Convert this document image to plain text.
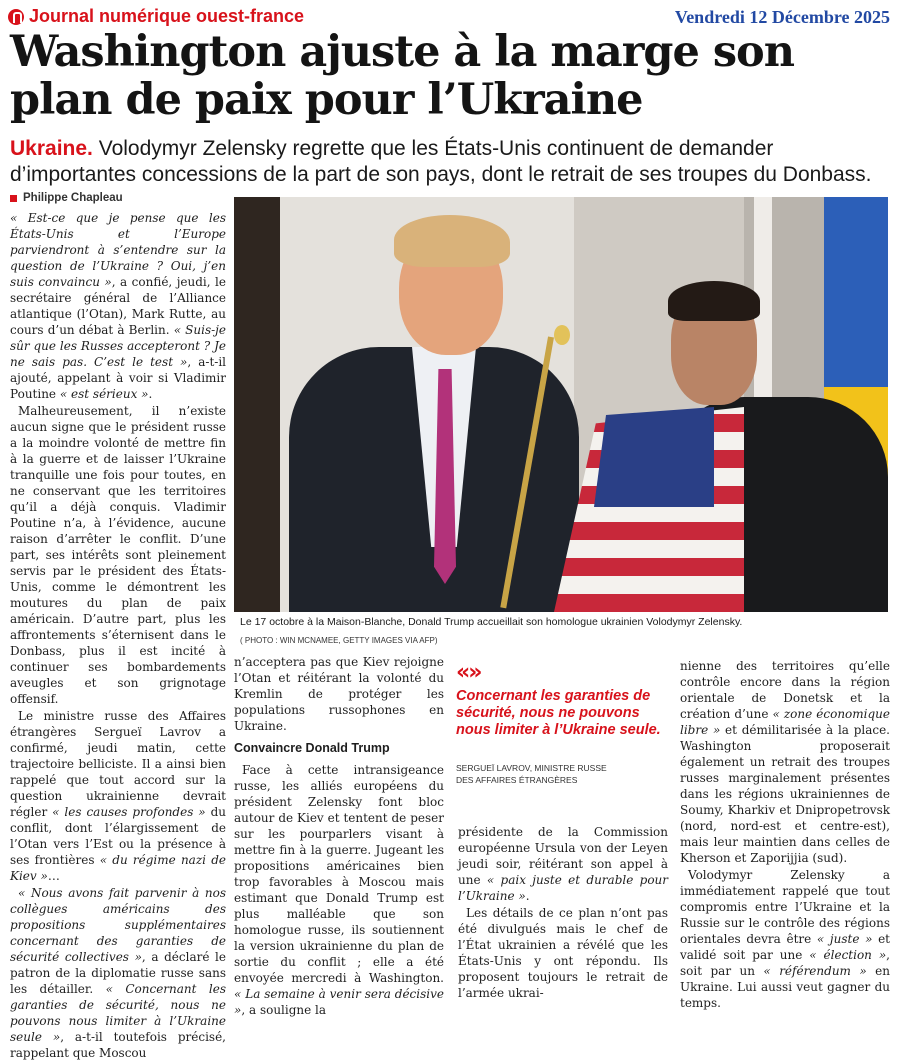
Journal numérique ouest-france	Vendredi 12 Décembre 2025
Washington ajuste à la marge son plan de paix pour l’Ukraine
Ukraine. Volodymyr Zelensky regrette que les États-Unis continuent de demander d’importantes concessions de la part de son pays, dont le retrait de ses troupes du Donbass.
Philippe Chapleau

« Est-ce que je pense que les États-Unis et l’Europe parviendront à s’entendre sur la question de l’Ukraine ? Oui, j’en suis convaincu », a confié, jeudi, le secrétaire général de l’Alliance atlantique (l’Otan), Mark Rutte, au cours d’un débat à Berlin. « Suis-je sûr que les Russes accepteront ? Je ne sais pas. C’est le test », a-t-il ajouté, appelant à voir si Vladimir Poutine « est sérieux ».

Malheureusement, il n’existe aucun signe que le président russe a la moindre volonté de mettre fin à la guerre et de laisser l’Ukraine tranquille une fois pour toutes, en ne conservant que les territoires qu’il a déjà conquis. Vladimir Poutine n’a, à l’évidence, aucune raison d’arrêter le conflit. D’une part, ses intérêts sont pleinement servis par le président des États-Unis, comme le démontrent les moutures du plan de paix américain. D’autre part, plus les affrontements s’éternisent dans le Donbass, plus il est incité à continuer ses bombardements aveugles et son grignotage offensif.

Le ministre russe des Affaires étrangères Sergueï Lavrov a confirmé, jeudi matin, cette trajectoire belliciste. Il a ainsi bien rappelé que tout accord sur la question ukrainienne devrait régler « les causes profondes » du conflit, dont l’élargissement de l’Otan vers l’Est ou la présence à ses frontières « du régime nazi de Kiev »…

« Nous avons fait parvenir à nos collègues américains des propositions supplémentaires concernant des garanties de sécurité collectives », a déclaré le patron de la diplomatie russe sans les détailler. « Concernant les garanties de sécurité, nous ne pouvons nous limiter à l’Ukraine seule », a-t-il toutefois précisé, rappelant que Moscou

Le 17 octobre à la Maison-Blanche, Donald Trump accueillait son homologue ukrainien Volodymyr Zelensky.
( PHOTO : WIN MCNAMEE, GETTY IMAGES VIA AFP)

n’acceptera pas que Kiev rejoigne l’Otan et réitérant la volonté du Kremlin de protéger les populations russophones en Ukraine.

Convaincre Donald Trump

Face à cette intransigeance russe, les alliés européens du président Zelensky font bloc autour de Kiev et tentent de peser sur les pourparlers visant à mettre fin à la guerre. Jugeant les propositions américaines bien trop favorables à Moscou mais estimant que Donald Trump est plus malléable que son homologue russe, ils soutiennent la version ukrainienne du plan de sortie du conflit ; elle a été envoyée mercredi à Washington. « La semaine à venir sera décisive », a souligne la

«»
Concernant les garanties de sécurité, nous ne pouvons nous limiter à l’Ukraine seule.
SERGUEÏ LAVROV, MINISTRE RUSSE
DES AFFAIRES ÉTRANGÈRES

présidente de la Commission européenne Ursula von der Leyen jeudi soir, réitérant son appel à une « paix juste et durable pour l’Ukraine ».

Les détails de ce plan n’ont pas été divulgués mais le chef de l’État ukrainien a révélé que les États-Unis y ont répondu. Ils proposent toujours le retrait de l’armée ukrai-

nienne des territoires qu’elle contrôle encore dans la région orientale de Donetsk et la création d’une « zone économique libre » et démilitarisée à la place. Washington proposerait également un retrait des troupes russes marginalement présentes dans les régions ukrainiennes de Soumy, Kharkiv et Dnipropetrovsk (nord, nord-est et centre-est), mais leur maintien dans celles de Kherson et Zaporijjia (sud).

Volodymyr Zelensky a immédiatement rappelé que tout compromis entre l’Ukraine et la Russie sur le contrôle des régions orientales devra être « juste » et validé soit par une « élection », soit par un « référendum » en Ukraine. Lui aussi veut gagner du temps.
